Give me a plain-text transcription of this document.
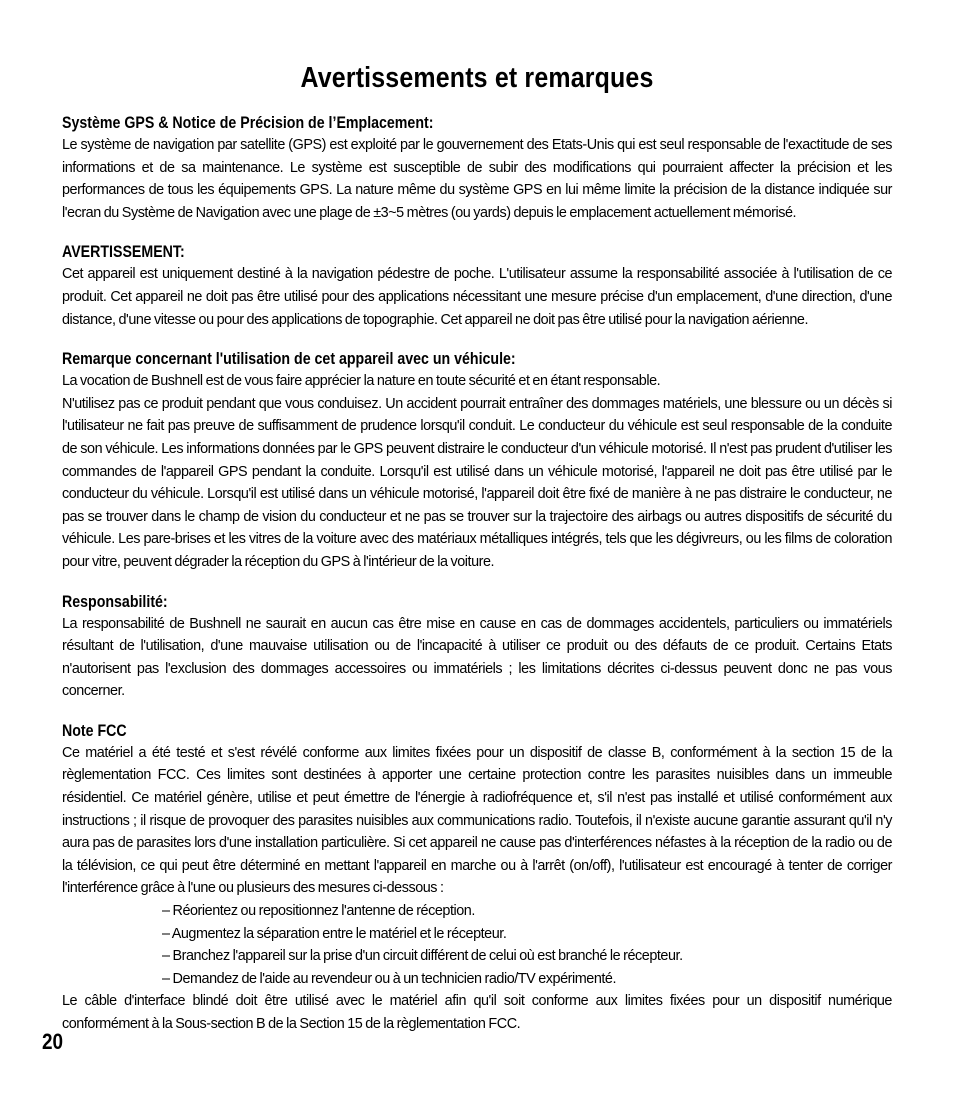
Avertissements et remarques
Système GPS & Notice de Précision de l’Emplacement:

Le système de navigation par satellite (GPS) est exploité par le gouvernement des Etats-Unis qui est seul responsable de l'exactitude de ses informations et de sa maintenance. Le système est susceptible de subir des modifications qui pourraient affecter la précision et les performances de tous les équipements GPS. La nature même du système GPS en lui même limite la précision de la distance indiquée sur l'ecran du Système de Navigation avec une plage de ±3~5 mètres (ou yards) depuis le emplacement actuellement mémorisé.

AVERTISSEMENT:

Cet appareil est uniquement destiné à la navigation pédestre de poche. L'utilisateur assume la responsabilité associée à l'utilisation de ce produit. Cet appareil ne doit pas être utilisé pour des applications nécessitant une mesure précise d'un emplacement, d'une direction, d'une distance, d'une vitesse ou pour des applications de topographie. Cet appareil ne doit pas être utilisé pour la navigation aérienne.

Remarque concernant l'utilisation de cet appareil avec un véhicule:

La vocation de Bushnell est de vous faire apprécier la nature en toute sécurité et en étant responsable.

N'utilisez pas ce produit pendant que vous conduisez. Un accident pourrait entraîner des dommages matériels, une blessure ou un décès si l'utilisateur ne fait pas preuve de suffisamment de prudence lorsqu'il conduit. Le conducteur du véhicule est seul responsable de la conduite de son véhicule. Les informations données par le GPS peuvent distraire le conducteur d'un véhicule motorisé. Il n'est pas prudent d'utiliser les commandes de l'appareil GPS pendant la conduite. Lorsqu'il est utilisé dans un véhicule motorisé, l'appareil ne doit pas être utilisé par le conducteur du véhicule. Lorsqu'il est utilisé dans un véhicule motorisé, l'appareil doit être fixé de manière à ne pas distraire le conducteur, ne pas se trouver dans le champ de vision du conducteur et ne pas se trouver sur la trajectoire des airbags ou autres dispositifs de sécurité du véhicule. Les pare-brises et les vitres de la voiture avec des matériaux métalliques intégrés, tels que les dégivreurs, ou les films de coloration pour vitre, peuvent dégrader la réception du GPS à l'intérieur de la voiture.

Responsabilité:

La responsabilité de Bushnell ne saurait en aucun cas être mise en cause en cas de dommages accidentels, particuliers ou immatériels résultant de l'utilisation, d'une mauvaise utilisation ou de l'incapacité à utiliser ce produit ou des défauts de ce produit. Certains Etats n'autorisent pas l'exclusion des dommages accessoires ou immatériels ; les limitations décrites ci-dessus peuvent donc ne pas vous concerner.

Note FCC

Ce matériel a été testé et s'est révélé conforme aux limites fixées pour un dispositif de classe B, conformément à la section 15 de la règlementation FCC. Ces limites sont destinées à apporter une certaine protection contre les parasites nuisibles dans un immeuble résidentiel. Ce matériel génère, utilise et peut émettre de l'énergie à radiofréquence et, s'il n'est pas installé et utilisé conformément aux instructions ; il risque de provoquer des parasites nuisibles aux communications radio. Toutefois, il n'existe aucune garantie assurant qu'il n'y aura pas de parasites lors d'une installation particulière. Si cet appareil ne cause pas d'interférences néfastes à la réception de la radio ou de la télévision, ce qui peut être déterminé en mettant l'appareil en marche ou à l'arrêt (on/off), l'utilisateur est encouragé à tenter de corriger l'interférence grâce à l'une ou plusieurs des mesures ci-dessous :

– Réorientez ou repositionnez l'antenne de réception.
– Augmentez la séparation entre le matériel et le récepteur.
– Branchez l'appareil sur la prise d'un circuit différent de celui où est branché le récepteur.
– Demandez de l'aide au revendeur ou à un technicien radio/TV expérimenté.

Le câble d'interface blindé doit être utilisé avec le matériel afin qu'il soit conforme aux limites fixées pour un dispositif numérique conformément à la Sous-section B de la Section 15 de la règlementation FCC.

20
